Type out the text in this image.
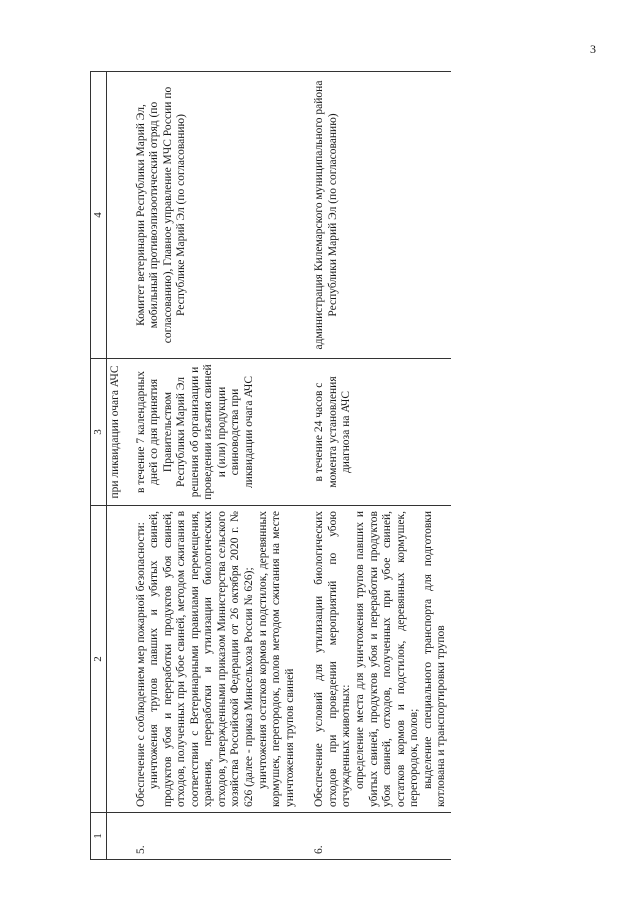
3
1	2	3	4
		при ликвидации очага АЧС	
5.	Обеспечение с соблюдением мер пожарной безопасности: уничтожения трупов павших и убитых свиней, продуктов убоя и переработки продуктов убоя свиней, отходов, полученных при убое свиней, методом сжигания в соответствии с Ветеринарными правилами перемещения, хранения, переработки и утилизации биологических отходов, утвержденными приказом Министерства сельского хозяйства Российской Федерации от 26 октября 2020 г. № 626 (далее - приказ Минсельхоза России № 626); уничтожения остатков кормов и подстилок, деревянных кормушек, перегородок, полов методом сжигания на месте уничтожения трупов свиней	в течение 7 календарных дней со дня принятия Правительством Республики Марий Эл решения об организации и проведении изъятия свиней и (или) продукции свиноводства при ликвидации очага АЧС	Комитет ветеринарии Республики Марий Эл, мобильный противоэпизоотический отряд (по согласованию), Главное управление МЧС России по Республике Марий Эл (по согласованию)
6.	Обеспечение условий для утилизации биологических отходов при проведении мероприятий по убою отчужденных животных: определение места для уничтожения трупов павших и убитых свиней, продуктов убоя и переработки продуктов убоя свиней, отходов, полученных при убое свиней, остатков кормов и подстилок, деревянных кормушек, перегородок, полов; выделение специального транспорта для подготовки котлована и транспортировки трупов	в течение 24 часов с момента установления диагноза на АЧС	администрация Килемарского муниципального района Республики Марий Эл (по согласованию)
